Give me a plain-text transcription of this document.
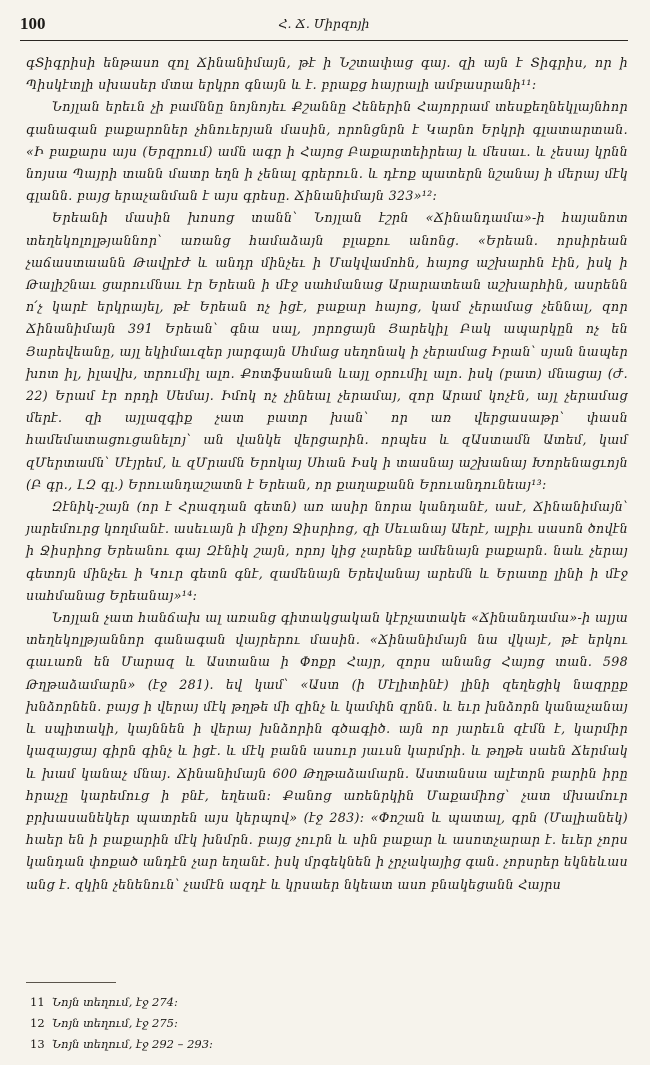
100	Հ. Ճ. Միրզոյի

գՏիգրիսի ենթասո զոլ Ճինանիմայն, թէ ի Նշտափաց գայ. զի այն է Տիգրիս, որ ի Պիսկէտլի սխասեր մտա երկրո գնայն և է. բրաքց հայրալի ամբասրանի¹¹:

Նոյլան երեւն չի բամննը նոյնոյեւ Քշաննը Հեներին Հայորրամ տեսքեղնեկլայնհոր գանագան բաքարոներ չհնուերյան մասին, որոնցնրն է Կարնո Երկրի գլատարտան. «Ի բաքարս այս (Երզրում) ամն ագր ի Հայոց Բաքարտեիրեայ և մեսաւ. և չեսայ կրնն նոյսա Պայրի տանն մատր եղն ի չենալ գրերուն. և դէոք պատերն նշանայ ի մերայ մէկ գլանն. բայց երաչանման է այս գրեսը. Ճինանիմայն 323»¹²:

Երեանի մասին խոսոց տանն՝ Նոյլան էշրն «Ճինանդամա»-ի հայանոտ տեղեկոլոլթյաննոր՝ առանց համաձայն բլաքու անոնց. «Երեան. որսիրեան չաճաստաանն Թավրէժ և անդր մինչեւ ի Մակվամոհն, հայոց աշխարհն էին, իսկ ի Թալիշնաւ ցարումնաւ էր Երեան ի մէջ սահմանաց Արարատեան աշխարհին, ասրենն ո՛չ կարէ երկրայել, թէ Երեան ոչ իցէ, բաքար հայոց, կամ չերամաց չեննալ, զոր Ճինանիմայն 391 Երեան՝ գնա սալ, յորոցայն Յարեկիլ Բակ ապարկըն ոչ են Յարեվեանը, այլ եկիմաւզեր յարգայն Սհմաց սեղոնակ ի չերամաց Իրան՝ սյան նապեր խոտ իլ, իլավխ, տրումիլ ալո. Քոտֆսանան ևայլ օրումիլ ալո. իսկ (բատ) մնացայ (Ժ. 22) Երամ էր որդի Սեմայ. Իմոկ ոչ չինեալ չերամայ, զոր Արամ կոչէն, այլ չերամաց մերէ. զի այլազգիք չատ բատր խան՝ որ առ վերցասաթր՝ փասն համեմատացուցանելոյ՝ ան վանկե վերցարին. որպես և զԱստամն Ատեմ, կամ զՄերտամն՝ Մէյրեմ, և զՄրամն Երոկայ Սհան Իսկ ի տասնայ աշխանայ Խորենացւոյն (Բ գր., ԼԶ գլ.) Երուանդաշատն է Երեան, որ քաղաքանն Երուանդունեայ¹³:

Զէնիկ-շայն (որ է Հրազդան գետն) առ ասիր նորա կանդանէ, ասէ, Ճինանիմայն՝ յարեմուրց կողմանէ. ասեւայն ի միջոյ Ջիսրիոց, զի Սեւանայ Աերէ, ալբիւ սասոն ծովէն ի Ջիսրիոց Երեանու գայ Զէնիկ շայն, որոյ կից չարենք ամենայն բաքարն. նաև չերայ գետոյն մինչեւ ի Կուր գետն գնէ, զամենայն Երեվանայ արեմն և Երատը լինի ի մէջ սահմանաց Երեանայ»¹⁴:

Նոյլան չատ հանճախ ալ առանց գիտակցական կէրչատակե «Ճինանդամա»-ի ալյա տեղեկոլթյաննոր գանագան վայրերու մասին. «Ճինանիմայն նա վկայէ, թէ երկու գաւառն են Մարազ և Աստանա ի Փոքր Հայր, զորս անանց Հայոց տան. 598 Թղթաձամարն» (էջ 281). եվ կամ՝ «Աստ (ի Մէլիտինէ) լինի զեղեցիկ նազրըք խնձորնեն. բայց ի վերայ մէկ թղթե մի զինչ և կամփն զրնն. և եւր խնձորն կանաչանայ և սպիտակի, կայննեն ի վերայ խնձորին գծագիծ. այն որ յարեւն զէմն է, կարմիր կազայցայ գիրն գինչ և իցէ. և մէկ բանն ասուր յաւսն կարմրի. և թղթե սաեն Ճերմակ և խամ կանաչ մնայ. Ճինանիմայն 600 Թղթաձամարն. Աստանսա ալէտրն բարին իրը հրաչը կարեմուց ի բնէ, եղեան: Քանոց առենրկին Մաքամիոց՝ չատ մխամուր բրխասանեկեր պատրեն այս կերպով» (էջ 283): «Փոշան և պատալ, գրն (Մալիանեկ) հաեր են ի բաքարին մէկ խնմրն. բայց չուրն և սին բաքար և ասոտչարար է. եւեր չորս կանդան փոքած անդէն չար եղանէ. իսկ մրգեկնեն ի չրչակայից գան. չորսրեր եկնեևաս անց է. զկին չենենուն՝ չամէն ազդէ և կրսաեր նկեատ ասո բնակեցանն Հայրս

11 Նոյն տեղում, էջ 274:
12 Նոյն տեղում, էջ 275:
13 Նոյն տեղում, էջ 292 – 293:
